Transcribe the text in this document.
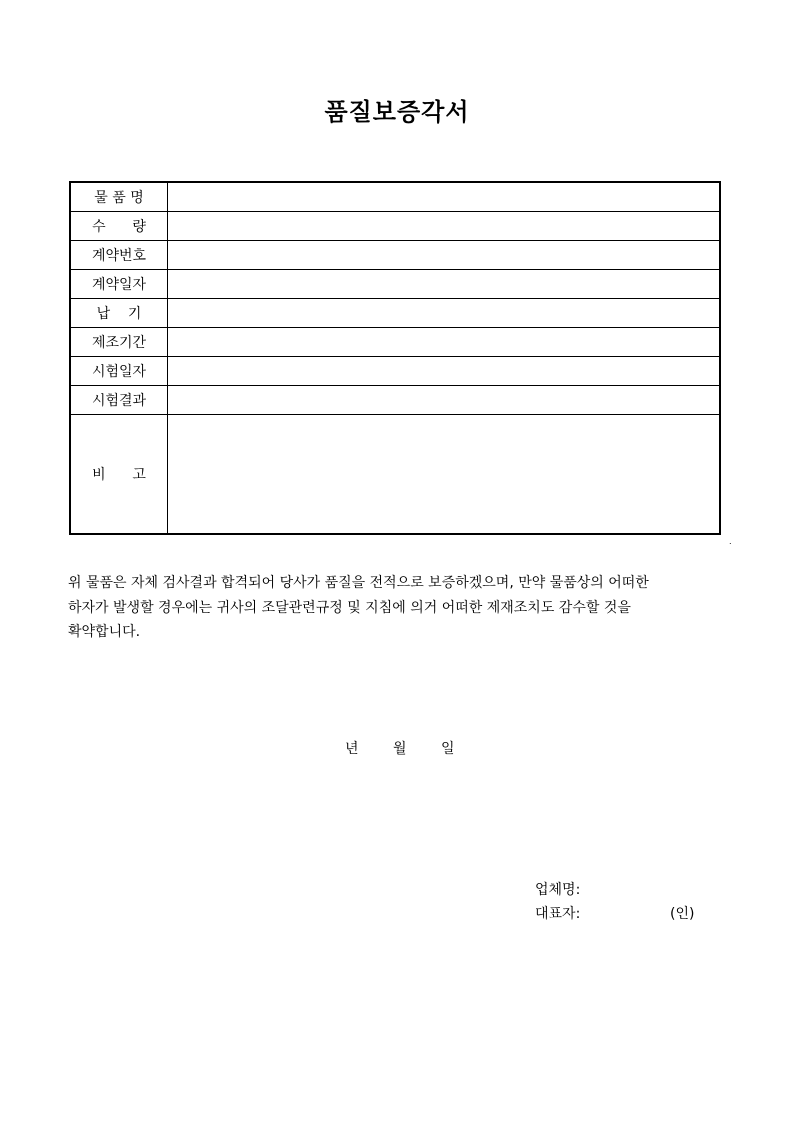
품질보증각서
물 품 명	
수      량	
계약번호	
계약일자	
납    기	
제조기간	
시험일자	
시험결과	
비      고	
.
위 물품은 자체 검사결과 합격되어 당사가 품질을 전적으로 보증하겠으며, 만약 물품상의 어떠한
하자가 발생할 경우에는 귀사의 조달관련규정 및 지침에 의거 어떠한 제재조치도 감수할 것을
확약합니다.
년 월 일
업체명:
대표자:	(인)
